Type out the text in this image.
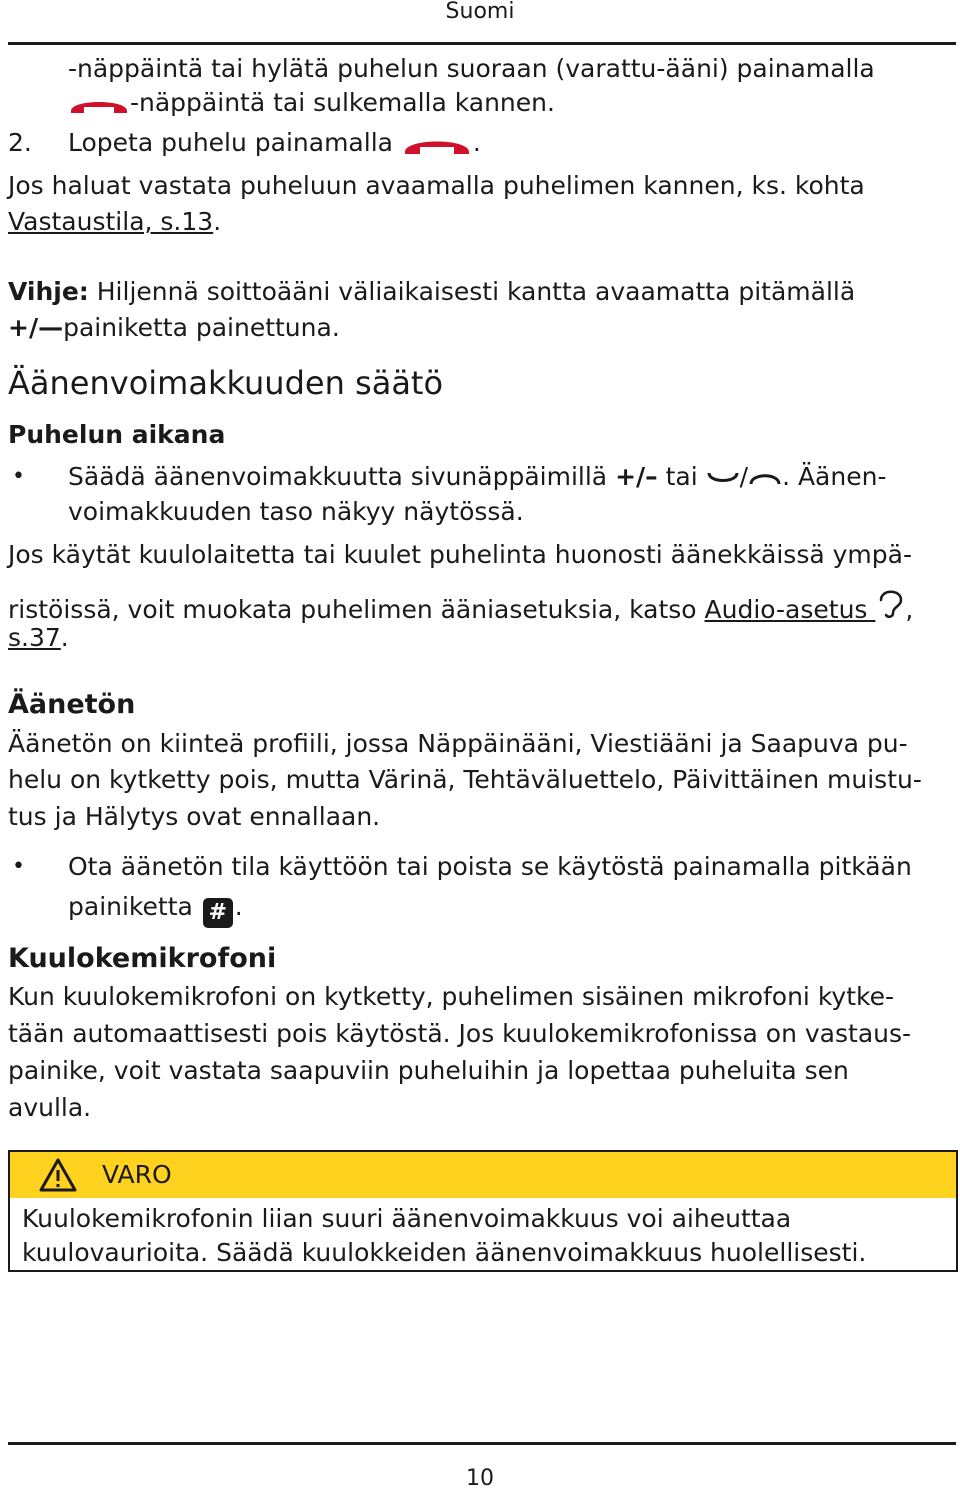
Suomi
-näppäintä tai hylätä puhelun suoraan (varattu-ääni) painamalla
-näppäintä tai sulkemalla kannen.
2. Lopeta puhelu painamalla	.
Jos haluat vastata puheluun avaamalla puhelimen kannen, ks. kohta
Vastaustila, s.13.
Vihje: Hiljennä soittoääni väliaikaisesti kantta avaamatta pitämällä
+/—painiketta painettuna.
Äänenvoimakkuuden säätö
Puhelun aikana
• Säädä äänenvoimakkuutta sivunäppäimillä +/– tai / . Äänen-
voimakkuuden taso näkyy näytössä.
Jos käytät kuulolaitetta tai kuulet puhelinta huonosti äänekkäissä ympä-
ristöissä, voit muokata puhelimen ääniasetuksia, katso Audio-asetus ,
s.37.
Äänetön
Äänetön on kiinteä profiili, jossa Näppäinääni, Viestiääni ja Saapuva pu-
helu on kytketty pois, mutta Värinä, Tehtäväluettelo, Päivittäinen muistu-
tus ja Hälytys ovat ennallaan.
• Ota äänetön tila käyttöön tai poista se käytöstä painamalla pitkään
painiketta # .
Kuulokemikrofoni
Kun kuulokemikrofoni on kytketty, puhelimen sisäinen mikrofoni kytke-
tään automaattisesti pois käytöstä. Jos kuulokemikrofonissa on vastaus-
painike, voit vastata saapuviin puheluihin ja lopettaa puheluita sen
avulla.
VARO
Kuulokemikrofonin liian suuri äänenvoimakkuus voi aiheuttaa
kuulovaurioita. Säädä kuulokkeiden äänenvoimakkuus huolellisesti.
10
